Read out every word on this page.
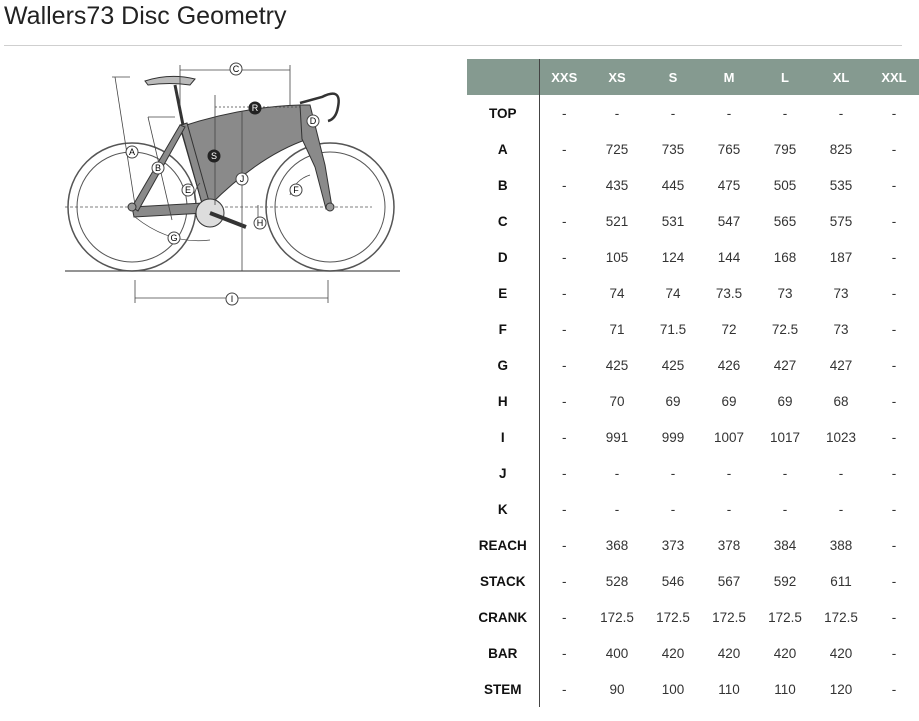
Wallers73 Disc Geometry
C
A
B
E
D
F
G
H
I
J
R
S
	XXS	XS	S	M	L	XL	XXL
TOP	-	-	-	-	-	-	-
A	-	725	735	765	795	825	-
B	-	435	445	475	505	535	-
C	-	521	531	547	565	575	-
D	-	105	124	144	168	187	-
E	-	74	74	73.5	73	73	-
F	-	71	71.5	72	72.5	73	-
G	-	425	425	426	427	427	-
H	-	70	69	69	69	68	-
I	-	991	999	1007	1017	1023	-
J	-	-	-	-	-	-	-
K	-	-	-	-	-	-	-
REACH	-	368	373	378	384	388	-
STACK	-	528	546	567	592	611	-
CRANK	-	172.5	172.5	172.5	172.5	172.5	-
BAR	-	400	420	420	420	420	-
STEM	-	90	100	110	110	120	-
